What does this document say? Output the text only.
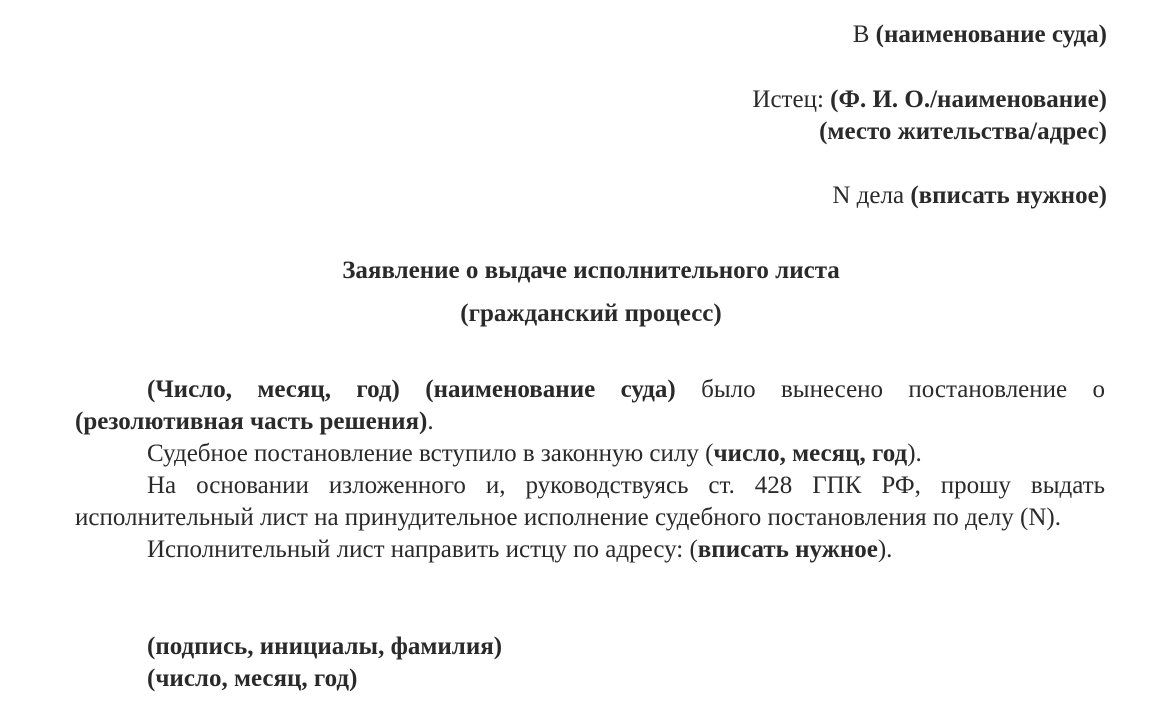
В (наименование суда)
Истец: (Ф. И. О./наименование)
(место жительства/адрес)
N дела (вписать нужное)
Заявление о выдаче исполнительного листа
(гражданский процесс)

(Число, месяц, год) (наименование суда) было вынесено постановление о (резолютивная часть решения).

Судебное постановление вступило в законную силу (число, месяц, год).

На основании изложенного и, руководствуясь ст. 428 ГПК РФ, прошу выдать исполнительный лист на принудительное исполнение судебного постановления по делу (N).

Исполнительный лист направить истцу по адресу: (вписать нужное).

(подпись, инициалы, фамилия)
(число, месяц, год)
